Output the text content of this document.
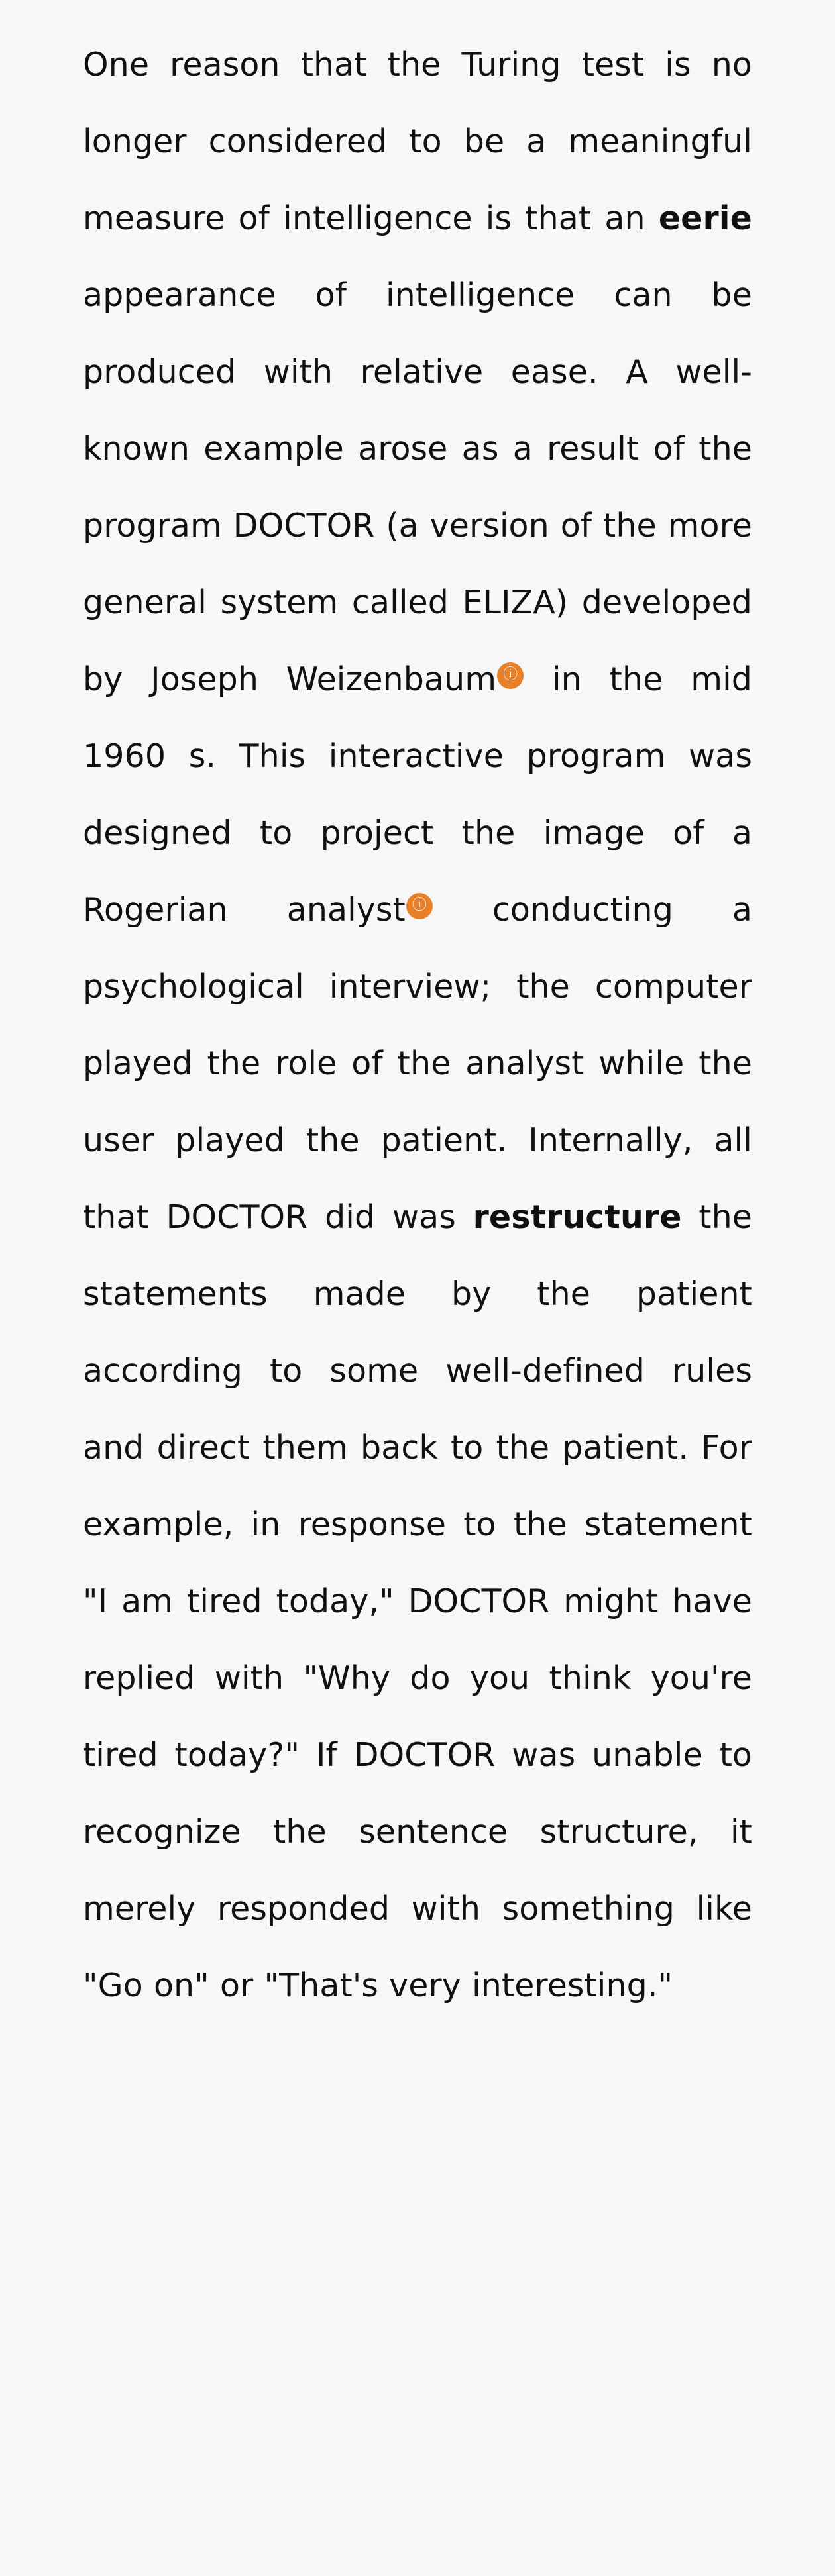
One reason that the Turing test is no longer considered to be a meaningful measure of intelligence is that an eerie appearance of intelligence can be produced with relative ease. A well-known example arose as a result of the program DOCTOR (a version of the more general system called ELIZA) developed by Joseph Weizenbaum ⓘ in the mid 1960 s. This interactive program was designed to project the image of a Rogerian analyst ⓘ conducting a psychological interview; the computer played the role of the analyst while the user played the patient. Internally, all that DOCTOR did was restructure the statements made by the patient according to some well-defined rules and direct them back to the patient. For example, in response to the statement "I am tired today," DOCTOR might have replied with "Why do you think you're tired today?" If DOCTOR was unable to recognize the sentence structure, it merely responded with something like "Go on" or "That's very interesting."
